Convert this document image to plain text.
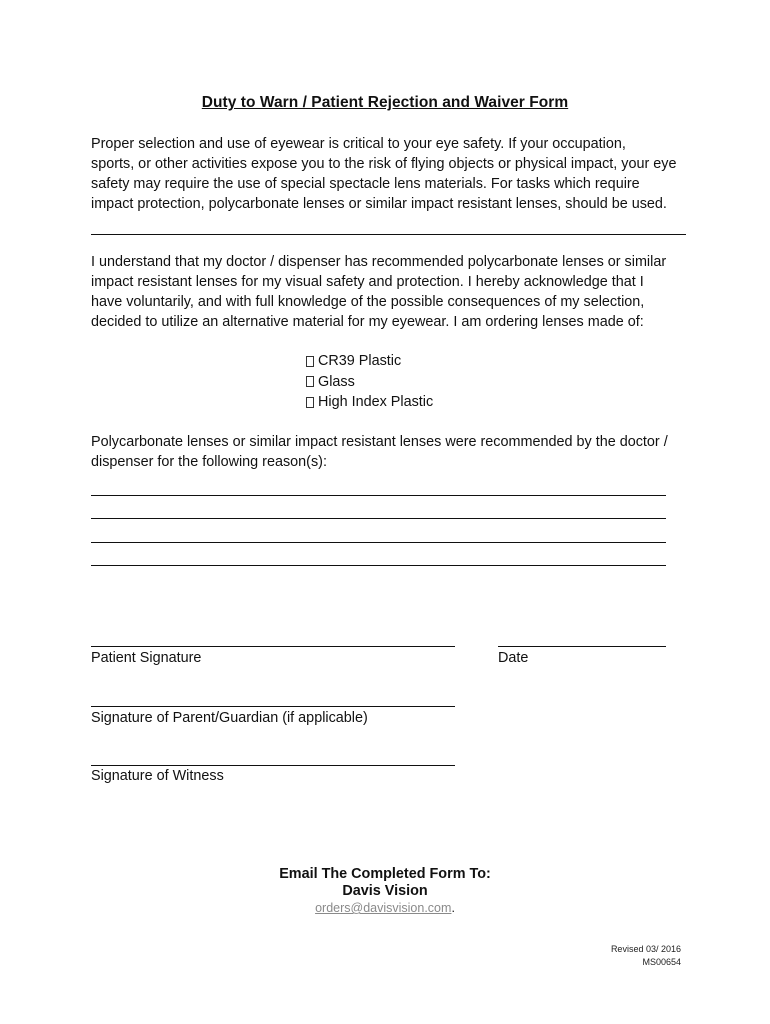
Duty to Warn / Patient Rejection and Waiver Form

Proper selection and use of eyewear is critical to your eye safety. If your occupation,
sports, or other activities expose you to the risk of flying objects or physical impact, your eye
safety may require the use of special spectacle lens materials. For tasks which require
impact protection, polycarbonate lenses or similar impact resistant lenses, should be used.

I understand that my doctor / dispenser has recommended polycarbonate lenses or similar
impact resistant lenses for my visual safety and protection. I hereby acknowledge that I
have voluntarily, and with full knowledge of the possible consequences of my selection,
decided to utilize an alternative material for my eyewear. I am ordering lenses made of:

CR39 Plastic
Glass
High Index Plastic

Polycarbonate lenses or similar impact resistant lenses were recommended by the doctor /
dispenser for the following reason(s):

Patient Signature	Date
Signature of Parent/Guardian (if applicable)
Signature of Witness
Email The Completed Form To:
Davis Vision
orders@davisvision.com.
Revised 03/ 2016
MS00654
